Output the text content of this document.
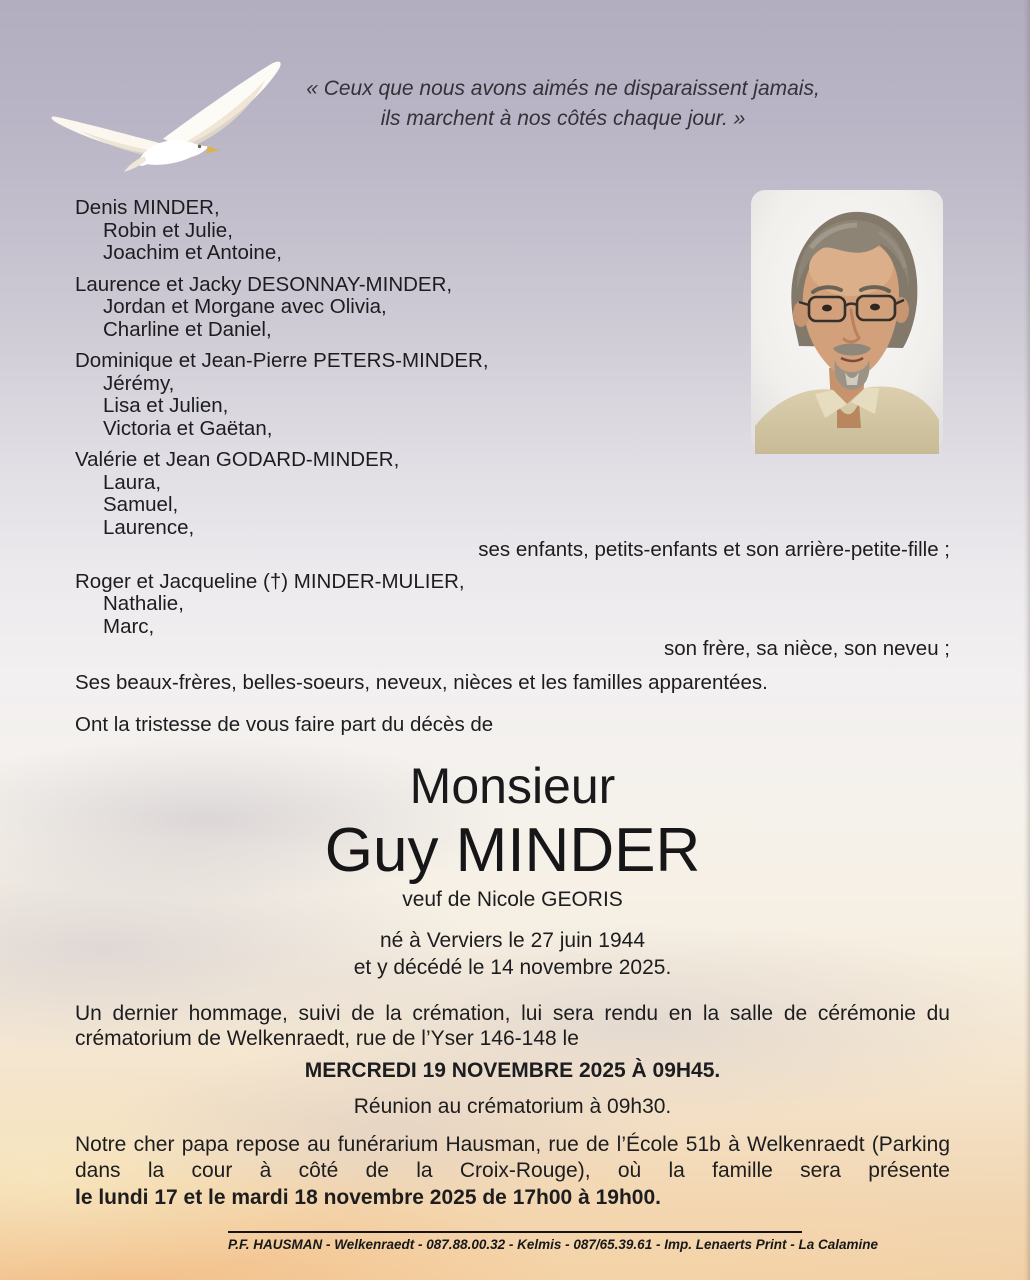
« Ceux que nous avons aimés ne disparaissent jamais,
ils marchent à nos côtés chaque jour. »
Denis MINDER,
Robin et Julie,
Joachim et Antoine,
Laurence et Jacky DESONNAY-MINDER,
Jordan et Morgane avec Olivia,
Charline et Daniel,
Dominique et Jean-Pierre PETERS-MINDER,
Jérémy,
Lisa et Julien,
Victoria et Gaëtan,
Valérie et Jean GODARD-MINDER,
Laura,
Samuel,
Laurence,
ses enfants, petits-enfants et son arrière-petite-fille ;
Roger et Jacqueline (†) MINDER-MULIER,
Nathalie,
Marc,
son frère, sa nièce, son neveu ;
Ses beaux-frères, belles-soeurs, neveux, nièces et les familles apparentées.
Ont la tristesse de vous faire part du décès de
Monsieur
Guy MINDER
veuf de Nicole GEORIS
né à Verviers le 27 juin 1944
et y décédé le 14 novembre 2025.

Un dernier hommage, suivi de la crémation, lui sera rendu en la salle de cérémonie du crématorium de Welkenraedt, rue de l’Yser 146-148 le

MERCREDI 19 NOVEMBRE 2025 À 09H45.
Réunion au crématorium à 09h30.

Notre cher papa repose au funérarium Hausman, rue de l’École 51b à Welkenraedt (Parking dans la cour à côté de la Croix-Rouge), où la famille sera présente

le lundi 17 et le mardi 18 novembre 2025 de 17h00 à 19h00.
P.F. HAUSMAN - Welkenraedt - 087.88.00.32 - Kelmis - 087/65.39.61 - Imp. Lenaerts Print - La Calamine
